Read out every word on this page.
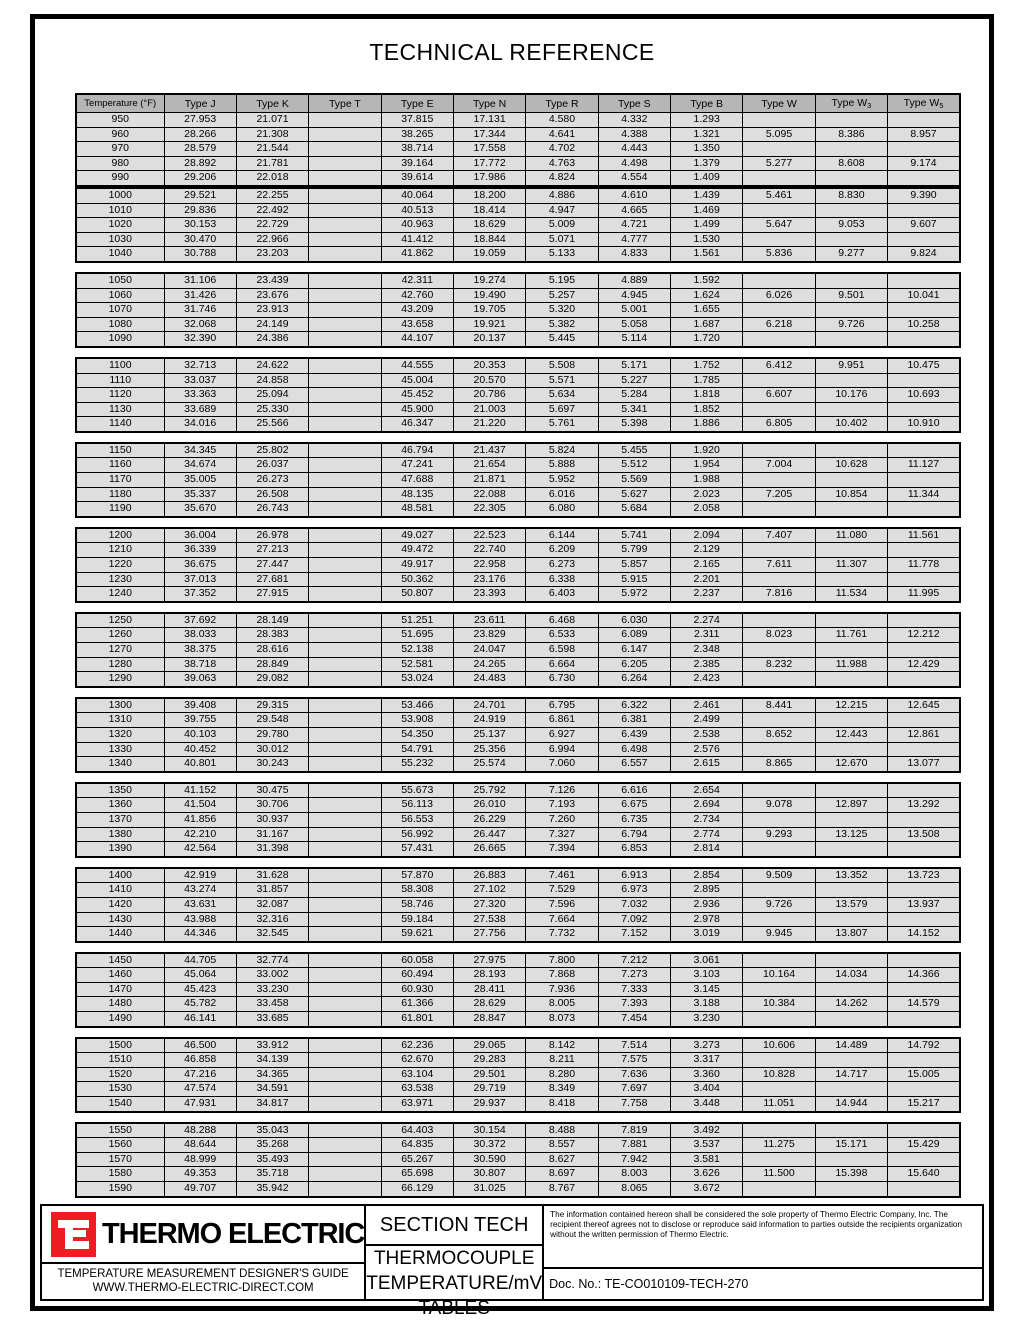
TECHNICAL REFERENCE
Temperature (°F)	Type J	Type K	Type T	Type E	Type N	Type R	Type S	Type B	Type W	Type $W_3$	Type $W_5$
950	27.953	21.071		37.815	17.131	4.580	4.332	1.293			
960	28.266	21.308		38.265	17.344	4.641	4.388	1.321	5.095	8.386	8.957
970	28.579	21.544		38.714	17.558	4.702	4.443	1.350			
980	28.892	21.781		39.164	17.772	4.763	4.498	1.379	5.277	8.608	9.174
990	29.206	22.018		39.614	17.986	4.824	4.554	1.409			
1000	29.521	22.255		40.064	18.200	4.886	4.610	1.439	5.461	8.830	9.390
1010	29.836	22.492		40.513	18.414	4.947	4.665	1.469			
1020	30.153	22.729		40.963	18.629	5.009	4.721	1.499	5.647	9.053	9.607
1030	30.470	22.966		41.412	18.844	5.071	4.777	1.530			
1040	30.788	23.203		41.862	19.059	5.133	4.833	1.561	5.836	9.277	9.824
1050	31.106	23.439		42.311	19.274	5.195	4.889	1.592			
1060	31.426	23.676		42.760	19.490	5.257	4.945	1.624	6.026	9.501	10.041
1070	31.746	23.913		43.209	19.705	5.320	5.001	1.655			
1080	32.068	24.149		43.658	19.921	5.382	5.058	1.687	6.218	9.726	10.258
1090	32.390	24.386		44.107	20.137	5.445	5.114	1.720			
1100	32.713	24.622		44.555	20.353	5.508	5.171	1.752	6.412	9.951	10.475
1110	33.037	24.858		45.004	20.570	5.571	5.227	1.785			
1120	33.363	25.094		45.452	20.786	5.634	5.284	1.818	6.607	10.176	10.693
1130	33.689	25.330		45.900	21.003	5.697	5.341	1.852			
1140	34.016	25.566		46.347	21.220	5.761	5.398	1.886	6.805	10.402	10.910
1150	34.345	25.802		46.794	21.437	5.824	5.455	1.920			
1160	34.674	26.037		47.241	21.654	5.888	5.512	1.954	7.004	10.628	11.127
1170	35.005	26.273		47.688	21.871	5.952	5.569	1.988			
1180	35.337	26.508		48.135	22.088	6.016	5.627	2.023	7.205	10.854	11.344
1190	35.670	26.743		48.581	22.305	6.080	5.684	2.058			
1200	36.004	26.978		49.027	22.523	6.144	5.741	2.094	7.407	11.080	11.561
1210	36.339	27.213		49.472	22.740	6.209	5.799	2.129			
1220	36.675	27.447		49.917	22.958	6.273	5.857	2.165	7.611	11.307	11.778
1230	37.013	27.681		50.362	23.176	6.338	5.915	2.201			
1240	37.352	27.915		50.807	23.393	6.403	5.972	2.237	7.816	11.534	11.995
1250	37.692	28.149		51.251	23.611	6.468	6.030	2.274			
1260	38.033	28.383		51.695	23.829	6.533	6.089	2.311	8.023	11.761	12.212
1270	38.375	28.616		52.138	24.047	6.598	6.147	2.348			
1280	38.718	28.849		52.581	24.265	6.664	6.205	2.385	8.232	11.988	12.429
1290	39.063	29.082		53.024	24.483	6.730	6.264	2.423			
1300	39.408	29.315		53.466	24.701	6.795	6.322	2.461	8.441	12.215	12.645
1310	39.755	29.548		53.908	24.919	6.861	6.381	2.499			
1320	40.103	29.780		54.350	25.137	6.927	6.439	2.538	8.652	12.443	12.861
1330	40.452	30.012		54.791	25.356	6.994	6.498	2.576			
1340	40.801	30.243		55.232	25.574	7.060	6.557	2.615	8.865	12.670	13.077
1350	41.152	30.475		55.673	25.792	7.126	6.616	2.654			
1360	41.504	30.706		56.113	26.010	7.193	6.675	2.694	9.078	12.897	13.292
1370	41.856	30.937		56.553	26.229	7.260	6.735	2.734			
1380	42.210	31.167		56.992	26.447	7.327	6.794	2.774	9.293	13.125	13.508
1390	42.564	31.398		57.431	26.665	7.394	6.853	2.814			
1400	42.919	31.628		57.870	26.883	7.461	6.913	2.854	9.509	13.352	13.723
1410	43.274	31.857		58.308	27.102	7.529	6.973	2.895			
1420	43.631	32.087		58.746	27.320	7.596	7.032	2.936	9.726	13.579	13.937
1430	43.988	32.316		59.184	27.538	7.664	7.092	2.978			
1440	44.346	32.545		59.621	27.756	7.732	7.152	3.019	9.945	13.807	14.152
1450	44.705	32.774		60.058	27.975	7.800	7.212	3.061			
1460	45.064	33.002		60.494	28.193	7.868	7.273	3.103	10.164	14.034	14.366
1470	45.423	33.230		60.930	28.411	7.936	7.333	3.145			
1480	45.782	33.458		61.366	28.629	8.005	7.393	3.188	10.384	14.262	14.579
1490	46.141	33.685		61.801	28.847	8.073	7.454	3.230			
1500	46.500	33.912		62.236	29.065	8.142	7.514	3.273	10.606	14.489	14.792
1510	46.858	34.139		62.670	29.283	8.211	7.575	3.317			
1520	47.216	34.365		63.104	29.501	8.280	7.636	3.360	10.828	14.717	15.005
1530	47.574	34.591		63.538	29.719	8.349	7.697	3.404			
1540	47.931	34.817		63.971	29.937	8.418	7.758	3.448	11.051	14.944	15.217
1550	48.288	35.043		64.403	30.154	8.488	7.819	3.492			
1560	48.644	35.268		64.835	30.372	8.557	7.881	3.537	11.275	15.171	15.429
1570	48.999	35.493		65.267	30.590	8.627	7.942	3.581			
1580	49.353	35.718		65.698	30.807	8.697	8.003	3.626	11.500	15.398	15.640
1590	49.707	35.942		66.129	31.025	8.767	8.065	3.672			
THERMO ELECTRIC
TEMPERATURE MEASUREMENT DESIGNER'S GUIDE
WWW.THERMO-ELECTRIC-DIRECT.COM
SECTION TECH
THERMOCOUPLE
TEMPERATURE/mV TABLES
The information contained hereon shall be considered the sole property of Thermo Electric Company, Inc. The recipient thereof agrees not to disclose or reproduce said information to parties outside the recipients organization without the written permission of Thermo Electric.
Doc. No.: TE-CO010109-TECH-270
